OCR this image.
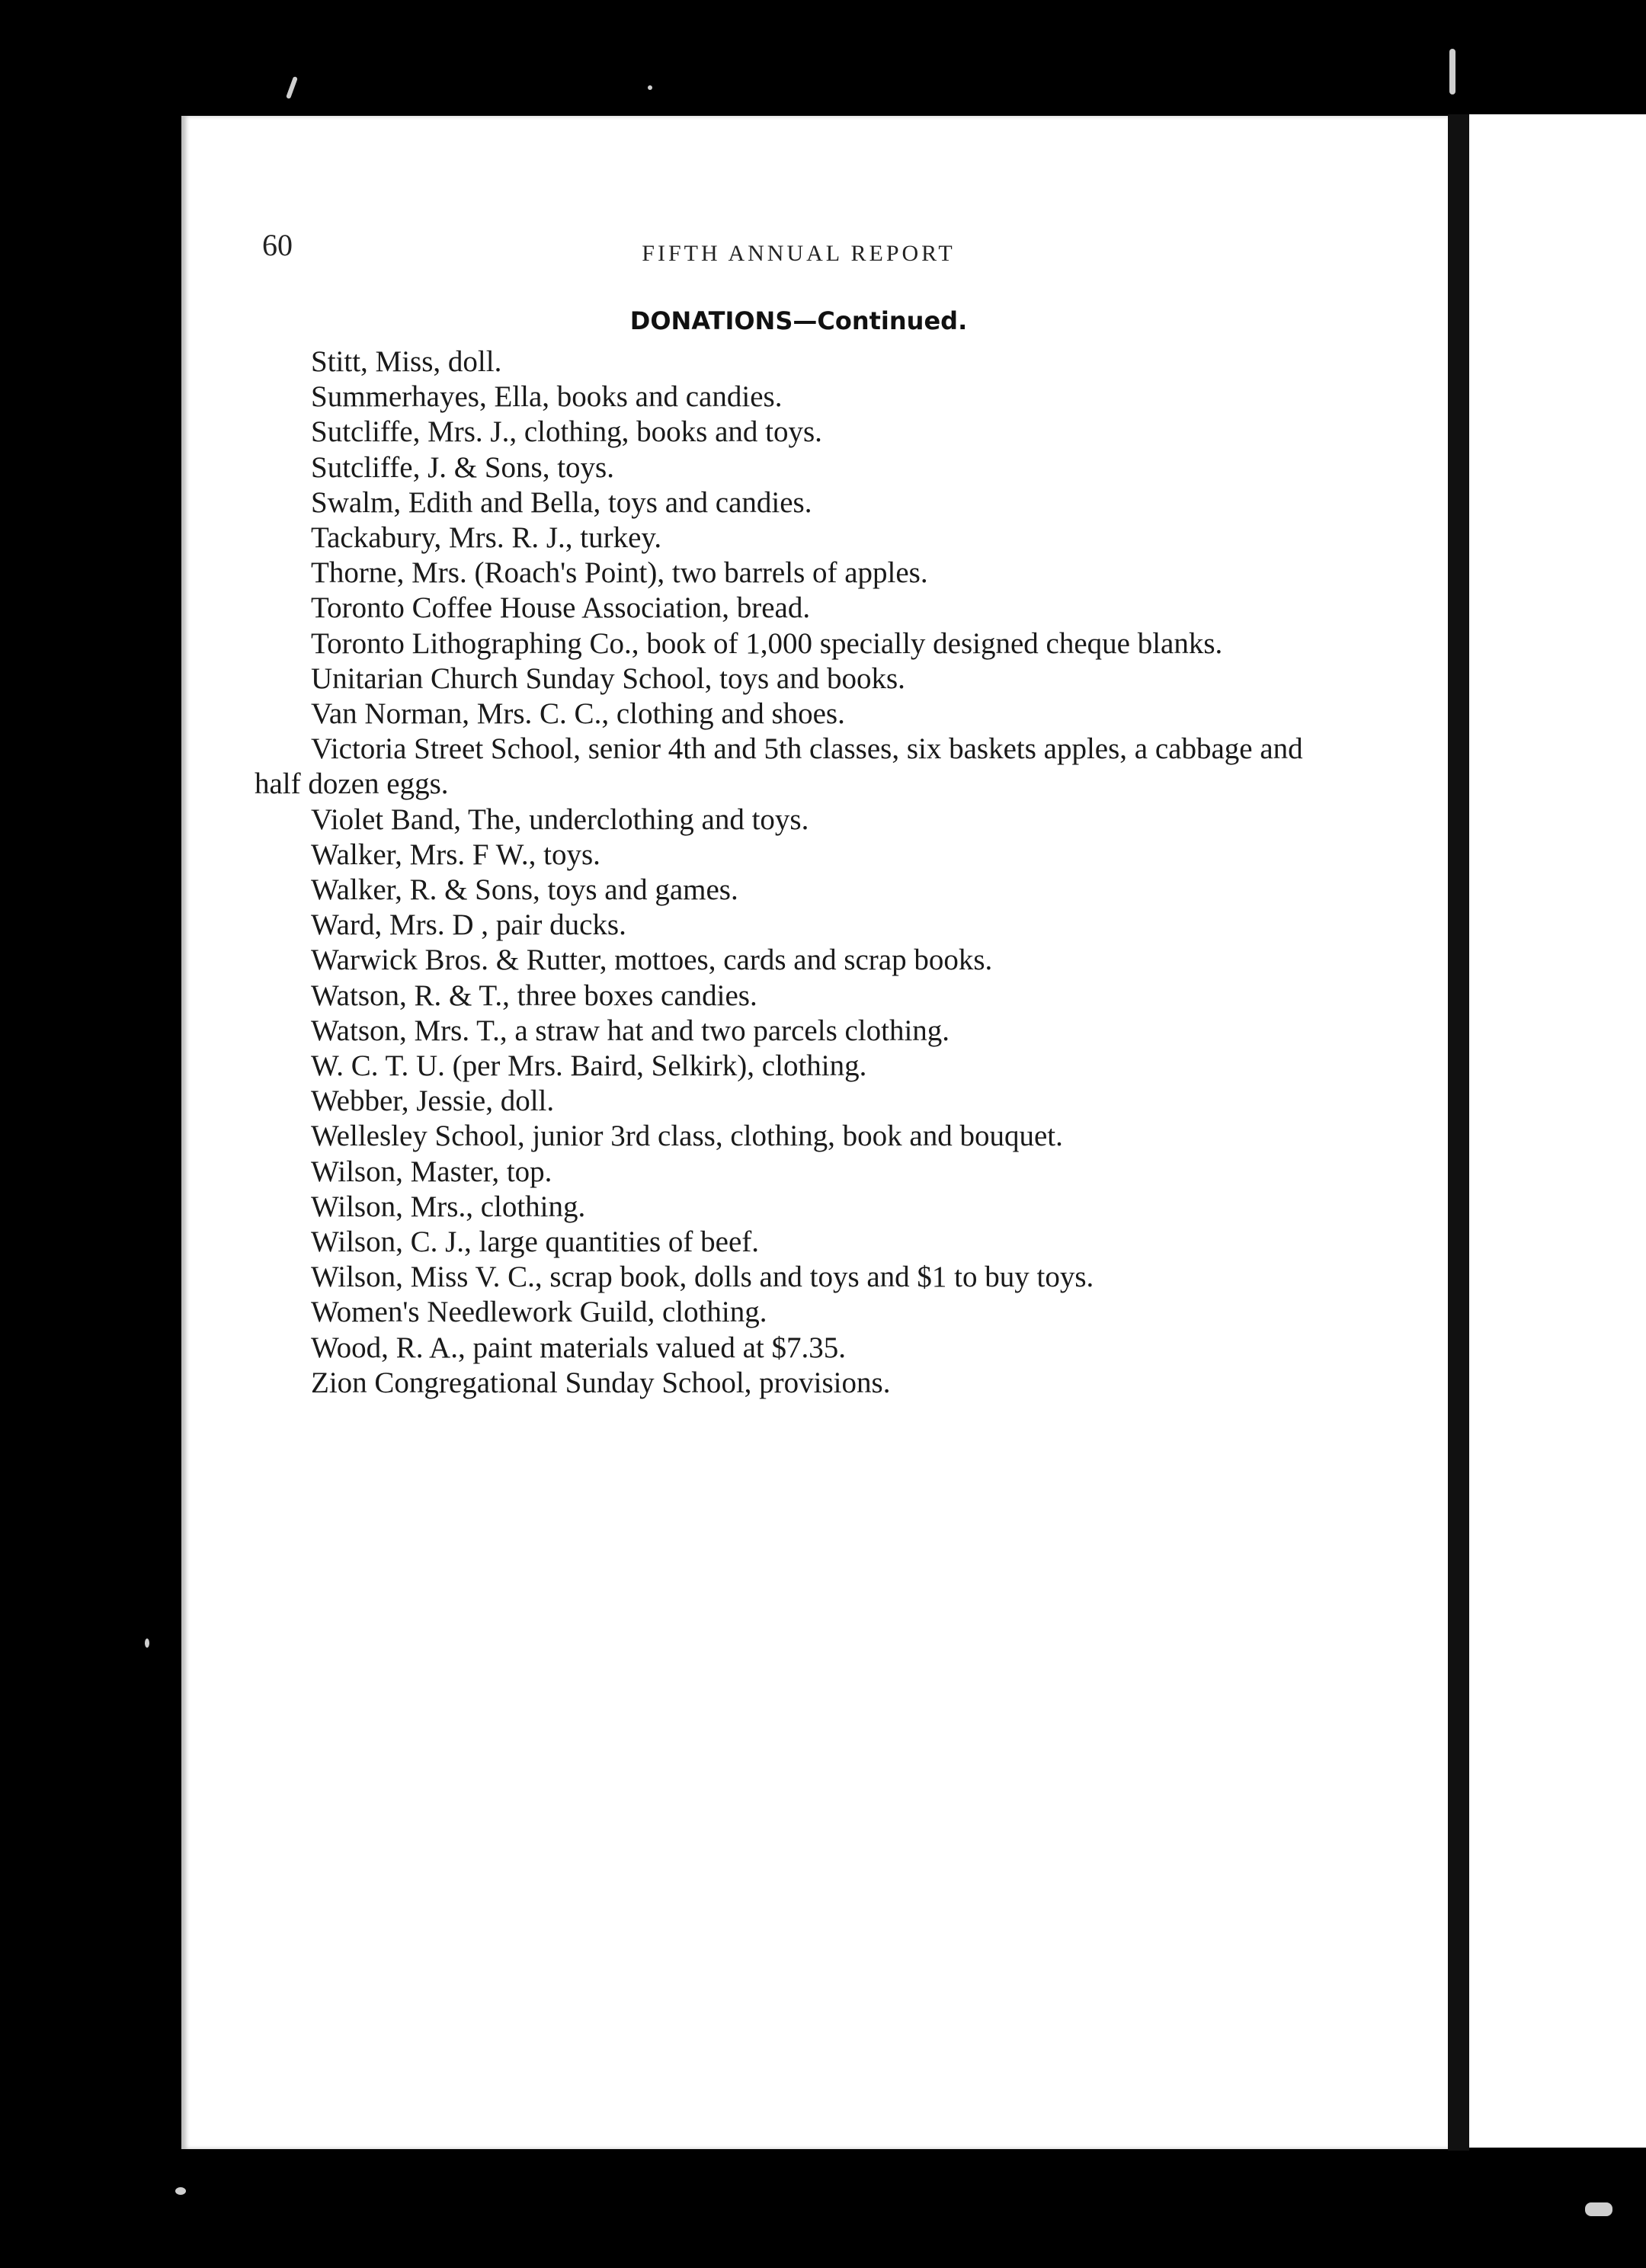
60	FIFTH ANNUAL REPORT
DONATIONS—Continued.
Stitt, Miss, doll.
Summerhayes, Ella, books and candies.
Sutcliffe, Mrs. J., clothing, books and toys.
Sutcliffe, J. & Sons, toys.
Swalm, Edith and Bella, toys and candies.
Tackabury, Mrs. R. J., turkey.
Thorne, Mrs. (Roach's Point), two barrels of apples.
Toronto Coffee House Association, bread.
Toronto Lithographing Co., book of 1,000 specially designed cheque blanks.
Unitarian Church Sunday School, toys and books.
Van Norman, Mrs. C. C., clothing and shoes.
Victoria Street School, senior 4th and 5th classes, six baskets apples, a cabbage and half dozen eggs.
Violet Band, The, underclothing and toys.
Walker, Mrs. F W., toys.
Walker, R. & Sons, toys and games.
Ward, Mrs. D , pair ducks.
Warwick Bros. & Rutter, mottoes, cards and scrap books.
Watson, R. & T., three boxes candies.
Watson, Mrs. T., a straw hat and two parcels clothing.
W. C. T. U. (per Mrs. Baird, Selkirk), clothing.
Webber, Jessie, doll.
Wellesley School, junior 3rd class, clothing, book and bouquet.
Wilson, Master, top.
Wilson, Mrs., clothing.
Wilson, C. J., large quantities of beef.
Wilson, Miss V. C., scrap book, dolls and toys and $1 to buy toys.
Women's Needlework Guild, clothing.
Wood, R. A., paint materials valued at $7.35.
Zion Congregational Sunday School, provisions.
